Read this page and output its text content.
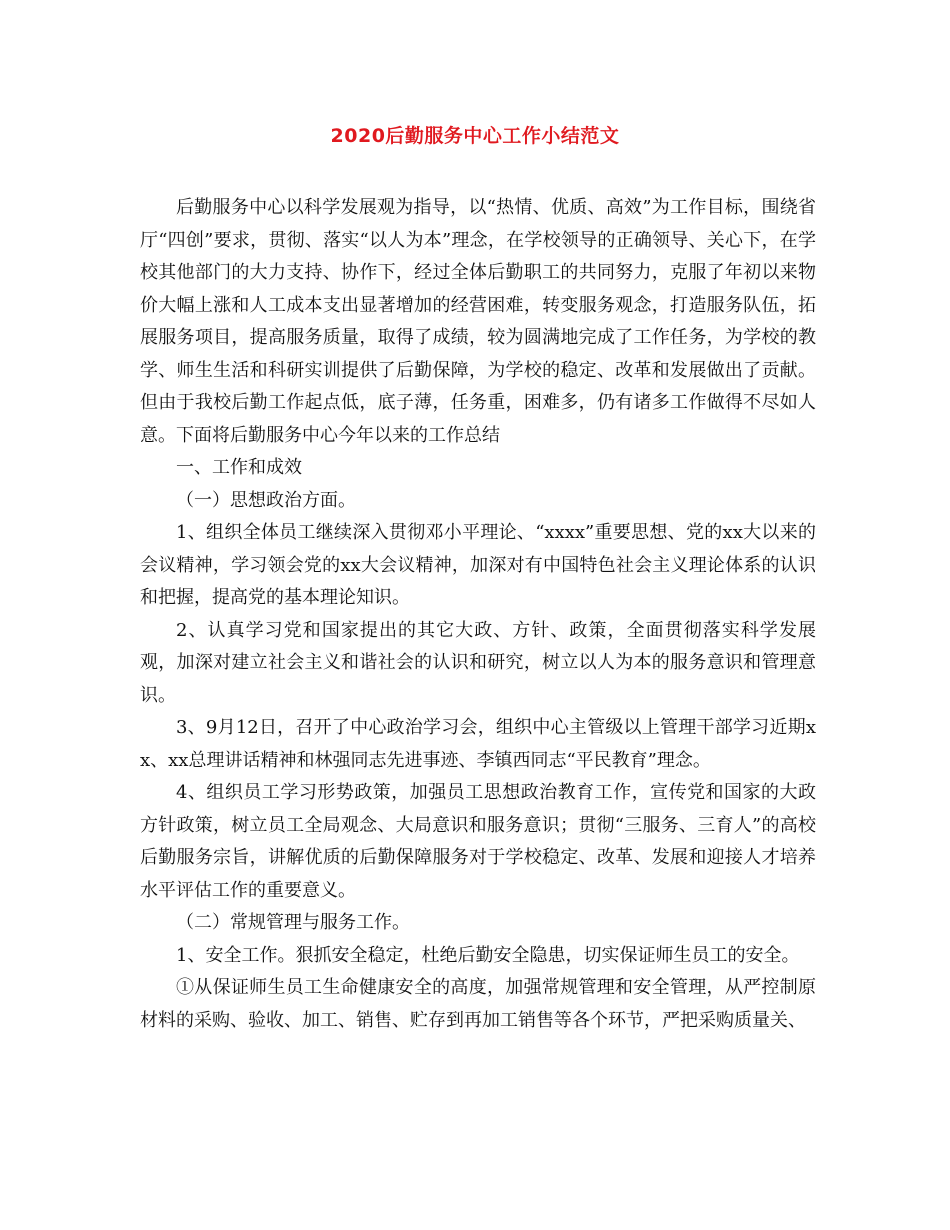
2020后勤服务中心工作小结范文

后勤服务中心以科学发展观为指导，以“热情、优质、高效”为工作目标，围绕省厅“四创”要求，贯彻、落实“以人为本”理念，在学校领导的正确领导、关心下，在学校其他部门的大力支持、协作下，经过全体后勤职工的共同努力，克服了年初以来物价大幅上涨和人工成本支出显著增加的经营困难，转变服务观念，打造服务队伍，拓展服务项目，提高服务质量，取得了成绩，较为圆满地完成了工作任务，为学校的教学、师生生活和科研实训提供了后勤保障，为学校的稳定、改革和发展做出了贡献。但由于我校后勤工作起点低，底子薄，任务重，困难多，仍有诸多工作做得不尽如人意。下面将后勤服务中心今年以来的工作总结

一、工作和成效

（一）思想政治方面。

1、组织全体员工继续深入贯彻邓小平理论、“xxxx”重要思想、党的xx大以来的会议精神，学习领会党的xx大会议精神，加深对有中国特色社会主义理论体系的认识和把握，提高党的基本理论知识。

2、认真学习党和国家提出的其它大政、方针、政策，全面贯彻落实科学发展观，加深对建立社会主义和谐社会的认识和研究，树立以人为本的服务意识和管理意识。

3、9月12日，召开了中心政治学习会，组织中心主管级以上管理干部学习近期xx、xx总理讲话精神和林强同志先进事迹、李镇西同志“平民教育”理念。

4、组织员工学习形势政策，加强员工思想政治教育工作，宣传党和国家的大政方针政策，树立员工全局观念、大局意识和服务意识；贯彻“三服务、三育人”的高校后勤服务宗旨，讲解优质的后勤保障服务对于学校稳定、改革、发展和迎接人才培养水平评估工作的重要意义。

（二）常规管理与服务工作。

1、安全工作。狠抓安全稳定，杜绝后勤安全隐患，切实保证师生员工的安全。

①从保证师生员工生命健康安全的高度，加强常规管理和安全管理，从严控制原材料的采购、验收、加工、销售、贮存到再加工销售等各个环节，严把采购质量关、
